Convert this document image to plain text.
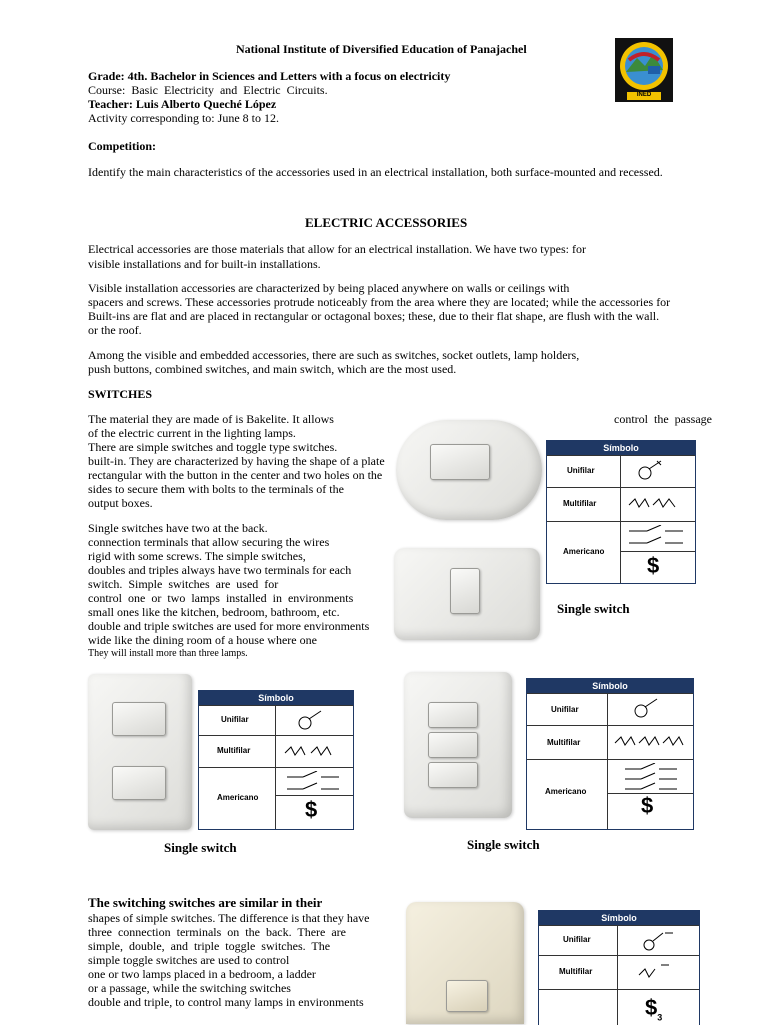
National Institute of Diversified Education of Panajachel
Grade: 4th. Bachelor in Sciences and Letters with a focus on electricity
Course:  Basic  Electricity  and  Electric  Circuits.
Teacher: Luis Alberto Queché López
Activity corresponding to: June 8 to 12.
INED
Competition:
Identify the main characteristics of the accessories used in an electrical installation, both surface-mounted and recessed.
ELECTRIC ACCESSORIES
Electrical accessories are those materials that allow for an electrical installation. We have two types: for
visible installations and for built-in installations.
Visible installation accessories are characterized by being placed anywhere on walls or ceilings with
spacers and screws. These accessories protrude noticeably from the area where they are located; while the accessories for
Built-ins are flat and are placed in rectangular or octagonal boxes; these, due to their flat shape, are flush with the wall.
or the roof.
Among the visible and embedded accessories, there are such as switches, socket outlets, lamp holders,
push buttons, combined switches, and main switch, which are the most used.
SWITCHES
The material they are made of is Bakelite. It allows	control  the  passage
of the electric current in the lighting lamps.
There are simple switches and toggle type switches.
built-in. They are characterized by having the shape of a plate
rectangular with the button in the center and two holes on the
sides to secure them with bolts to the terminals of the
output boxes.
Single switches have two at the back.
connection terminals that allow securing the wires
rigid with some screws. The simple switches,
doubles and triples always have two terminals for each
switch.  Simple  switches  are  used  for
control  one  or  two  lamps  installed  in  environments
small ones like the kitchen, bedroom, bathroom, etc.
double and triple switches are used for more environments
wide like the dining room of a house where one
They will install more than three lamps.
Símbolo
Unifilar
Multifilar
Americano
$
Single switch
Símbolo
Unifilar
Multifilar
Americano $
Single switch
Símbolo
Unifilar
Multifilar
Americano
$
Single switch
The switching switches are similar in their
shapes of simple switches. The difference is that they have
three  connection  terminals  on  the  back.  There  are
simple,  double,  and  triple  toggle  switches.  The
simple toggle switches are used to control
one or two lamps placed in a bedroom, a ladder
or a passage, while the switching switches
double and triple, to control many lamps in environments
Símbolo
Unifilar
Multifilar
$\$_3$
